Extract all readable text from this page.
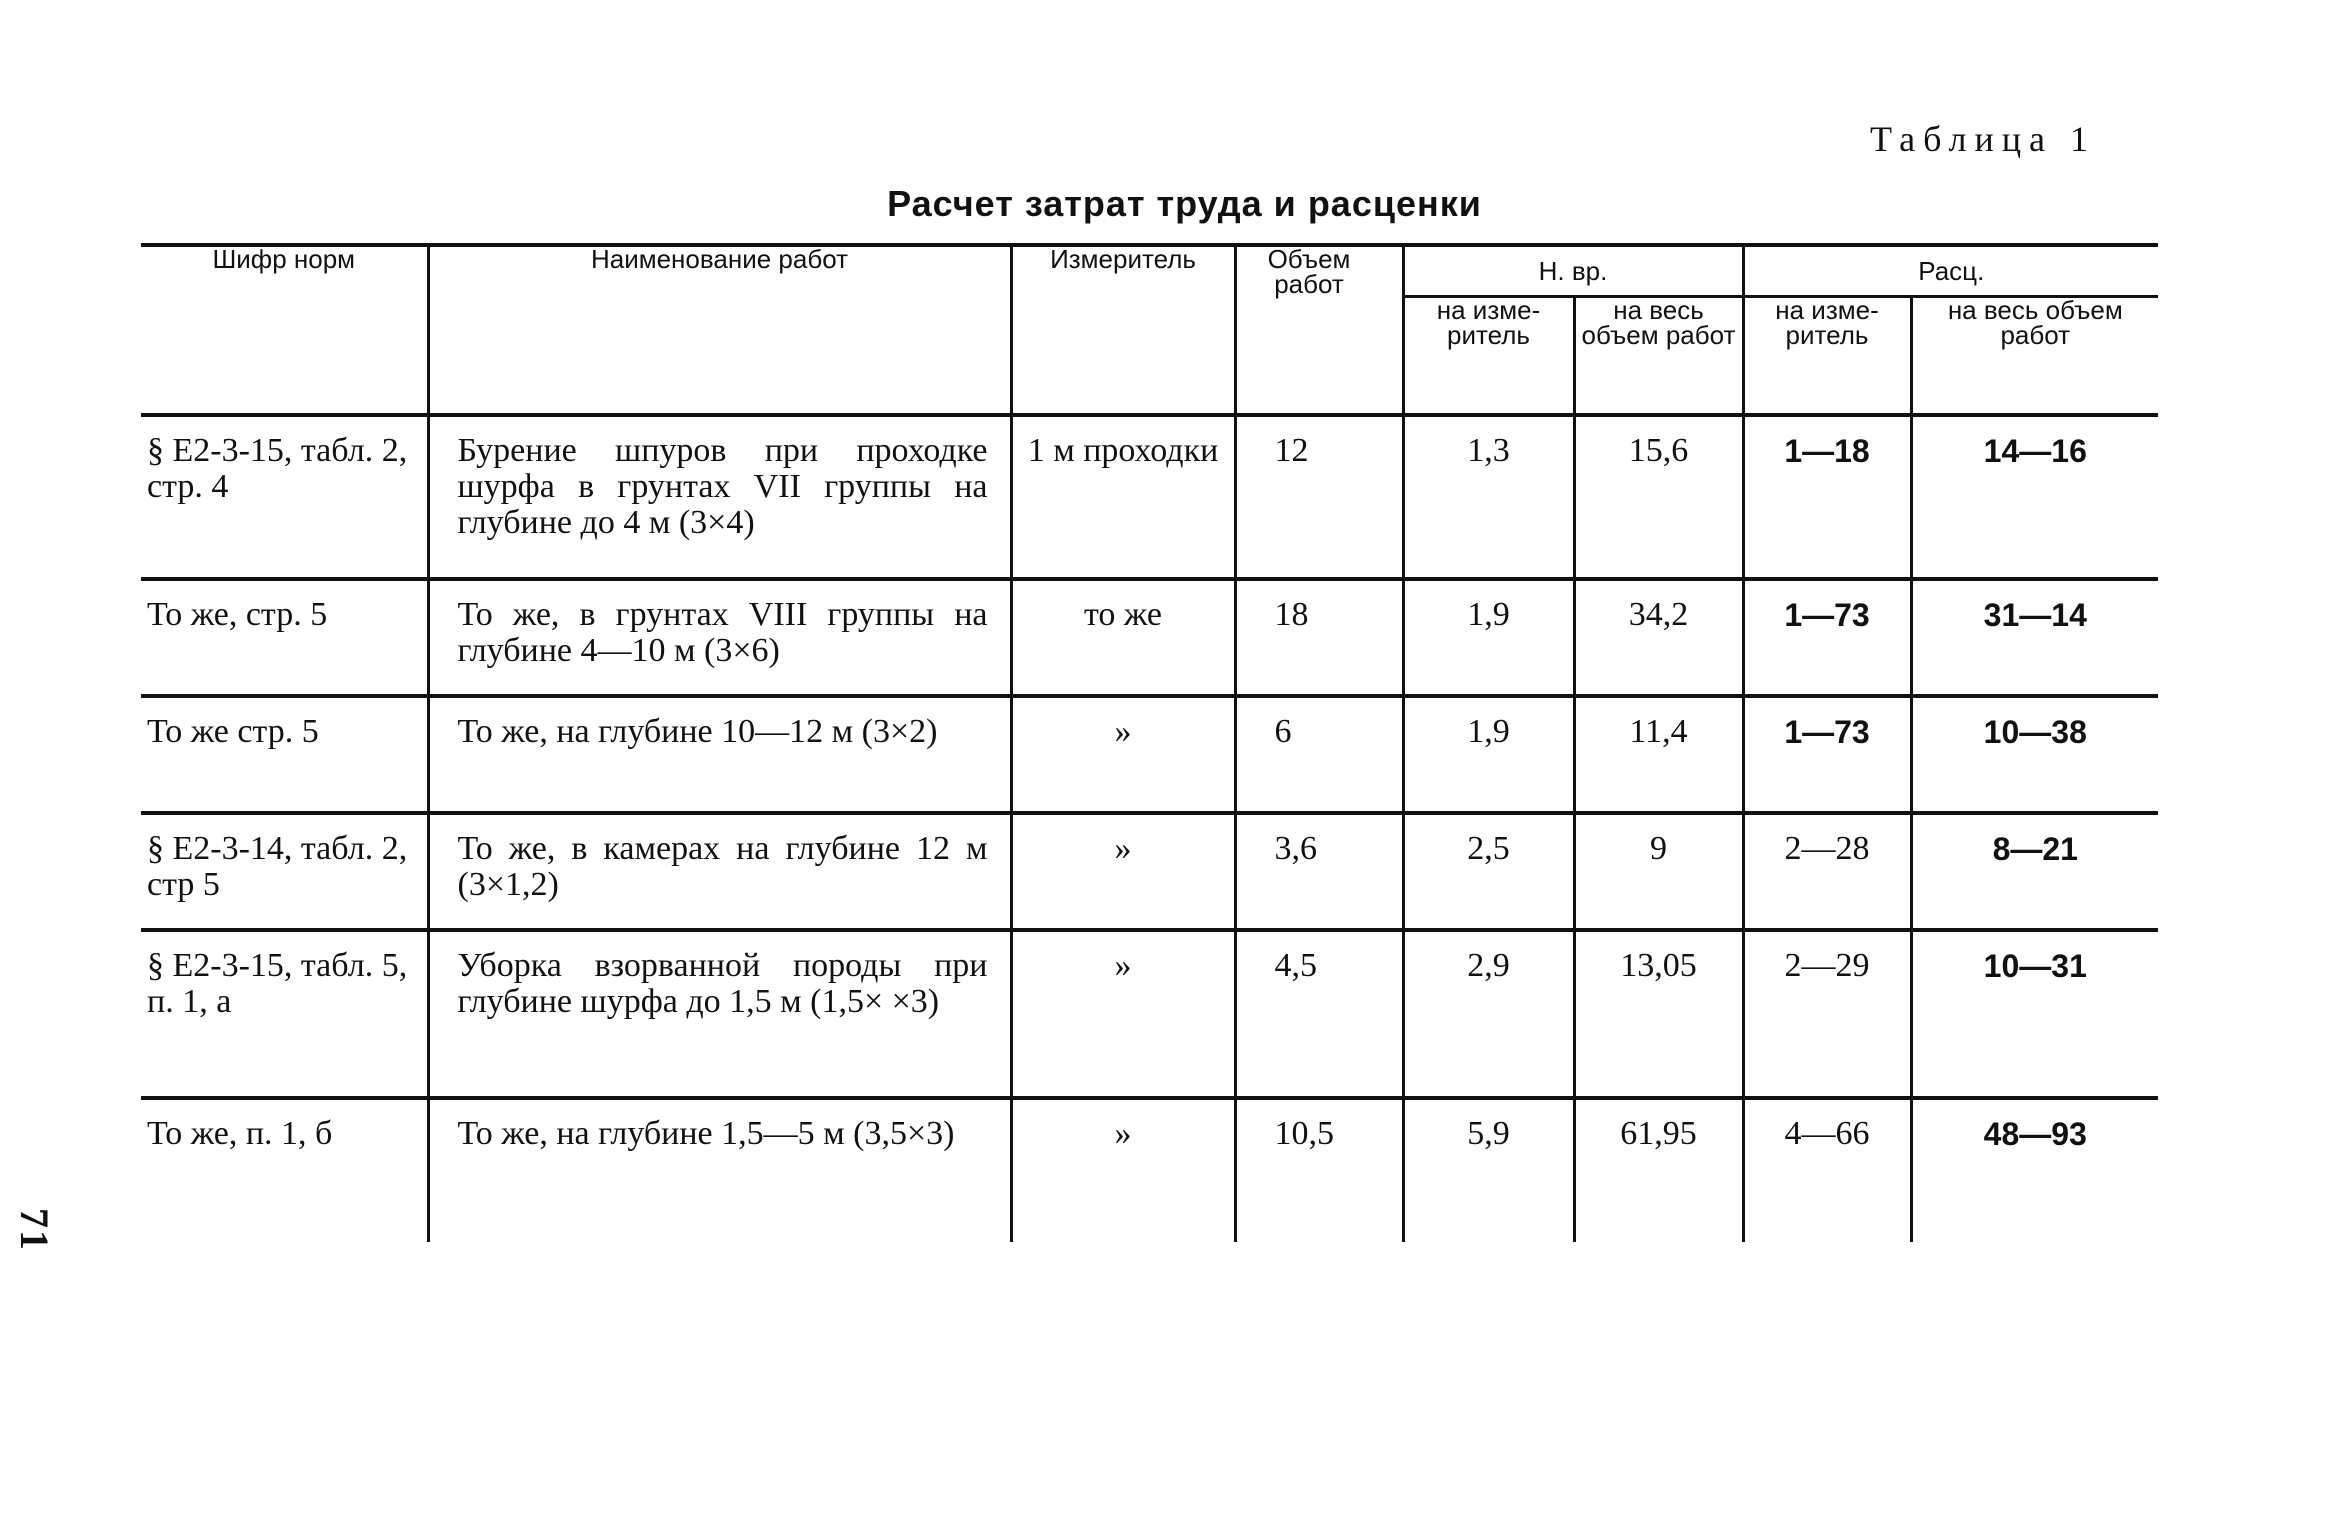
Таблица 1
Расчет затрат труда и расценки
71
Шифр норм	Наименование работ	Измеритель	Объем работ	Н. вр.		Расц.	
				на изме-ритель	на весь объем работ	на изме-ритель	на весь объем работ

§ Е2-3-15, табл. 2, стр. 4	Бурение шпуров при проходке шурфа в грунтах VII группы на глубине до 4 м (3×4)	1 м проходки	12	1,3	15,6	1—18	14—16

То же, стр. 5	То же, в грунтах VIII группы на глубине 4—10 м (3×6)	то же	18	1,9	34,2	1—73	31—14

То же стр. 5	То же, на глубине 10—12 м (3×2)	»	6	1,9	11,4	1—73	10—38

§ Е2-3-14, табл. 2, стр 5	То же, в камерах на глубине 12 м (3×1,2)	»	3,6	2,5	9	2—28	8—21

§ Е2-3-15, табл. 5, п. 1, а	Уборка взорванной породы при глубине шурфа до 1,5 м (1,5× ×3)	»	4,5	2,9	13,05	2—29	10—31

То же, п. 1, б	То же, на глубине 1,5—5 м (3,5×3)	»	10,5	5,9	61,95	4—66	48—93
